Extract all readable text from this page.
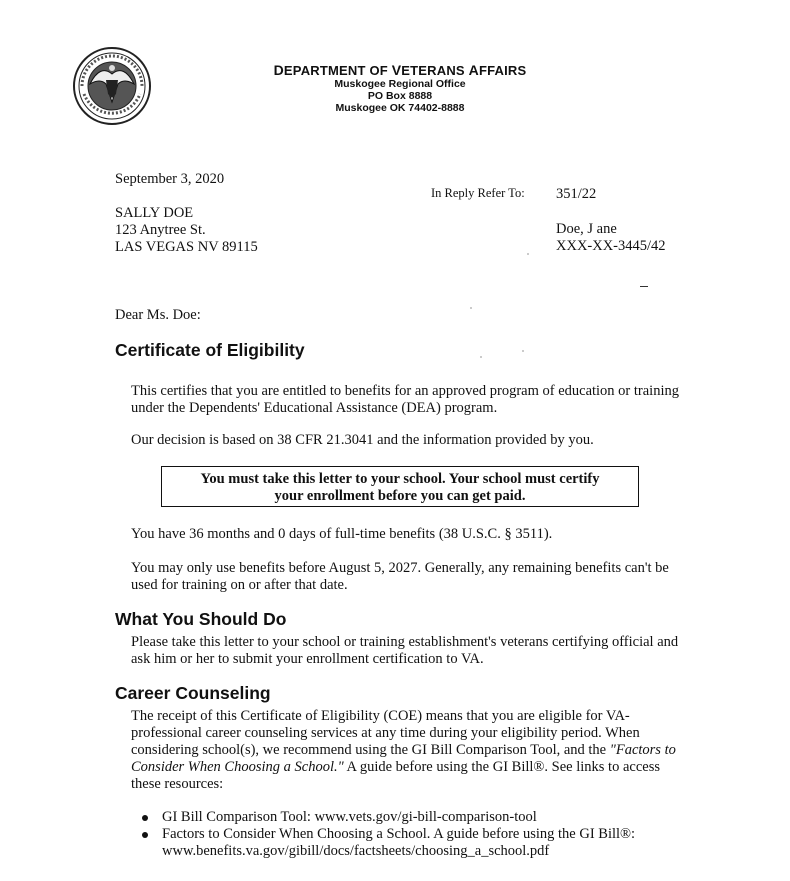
DEPARTMENT OF VETERANS AFFAIRS
Muskogee Regional Office
PO Box 8888
Muskogee OK 74402-8888
September 3, 2020
In Reply Refer To: 351/22
SALLY DOE
123 Anytree St.
LAS VEGAS NV 89115
Doe, J ane
XXX-XX-3445/42
Dear Ms. Doe:
Certificate of Eligibility
This certifies that you are entitled to benefits for an approved program of education or training under the Dependents' Educational Assistance (DEA) program.
Our decision is based on 38 CFR 21.3041 and the information provided by you.
You must take this letter to your school. Your school must certify
your enrollment before you can get paid.
You have 36 months and 0 days of full-time benefits (38 U.S.C. § 3511).
You may only use benefits before August 5, 2027. Generally, any remaining benefits can't be used for training on or after that date.
What You Should Do
Please take this letter to your school or training establishment's veterans certifying official and ask him or her to submit your enrollment certification to VA.
Career Counseling
The receipt of this Certificate of Eligibility (COE) means that you are eligible for VA-professional career counseling services at any time during your eligibility period. When considering school(s), we recommend using the GI Bill Comparison Tool, and the "Factors to Consider When Choosing a School." A guide before using the GI Bill®. See links to access these resources:
GI Bill Comparison Tool: www.vets.gov/gi-bill-comparison-tool
Factors to Consider When Choosing a School. A guide before using the GI Bill®: www.benefits.va.gov/gibill/docs/factsheets/choosing_a_school.pdf
